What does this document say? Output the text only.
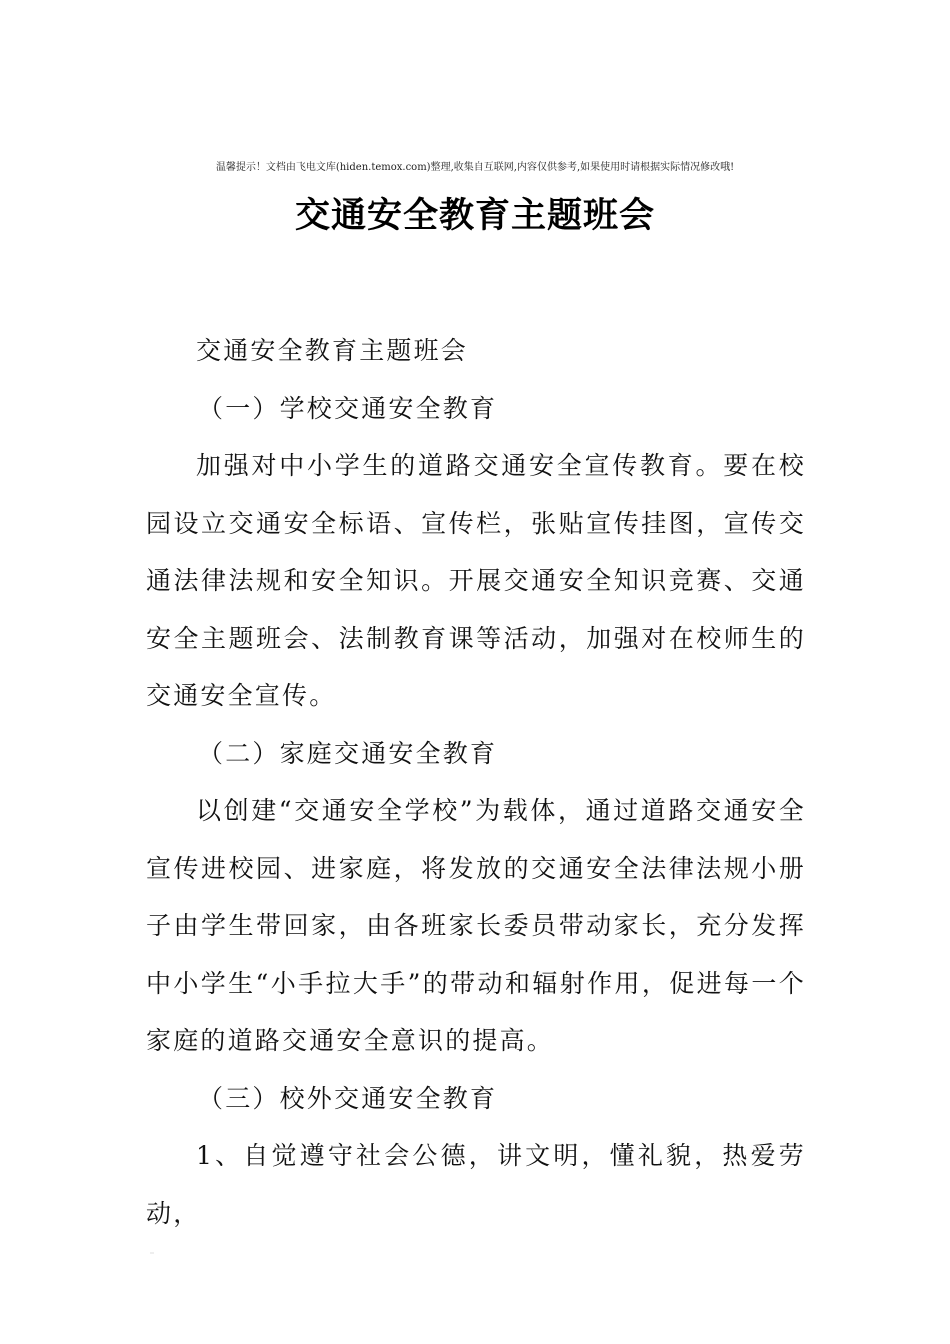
温馨提示！文档由飞电文库(hiden.temox.com)整理,收集自互联网,内容仅供参考,如果使用时请根据实际情况修改哦!
交通安全教育主题班会

交通安全教育主题班会

（一）学校交通安全教育

加强对中小学生的道路交通安全宣传教育。要在校园设立交通安全标语、宣传栏，张贴宣传挂图，宣传交通法律法规和安全知识。开展交通安全知识竞赛、交通安全主题班会、法制教育课等活动，加强对在校师生的交通安全宣传。

（二）家庭交通安全教育

以创建“交通安全学校”为载体，通过道路交通安全宣传进校园、进家庭，将发放的交通安全法律法规小册子由学生带回家，由各班家长委员带动家长，充分发挥中小学生“小手拉大手”的带动和辐射作用，促进每一个家庭的道路交通安全意识的提高。

（三）校外交通安全教育

1、自觉遵守社会公德，讲文明，懂礼貌，热爱劳动，
